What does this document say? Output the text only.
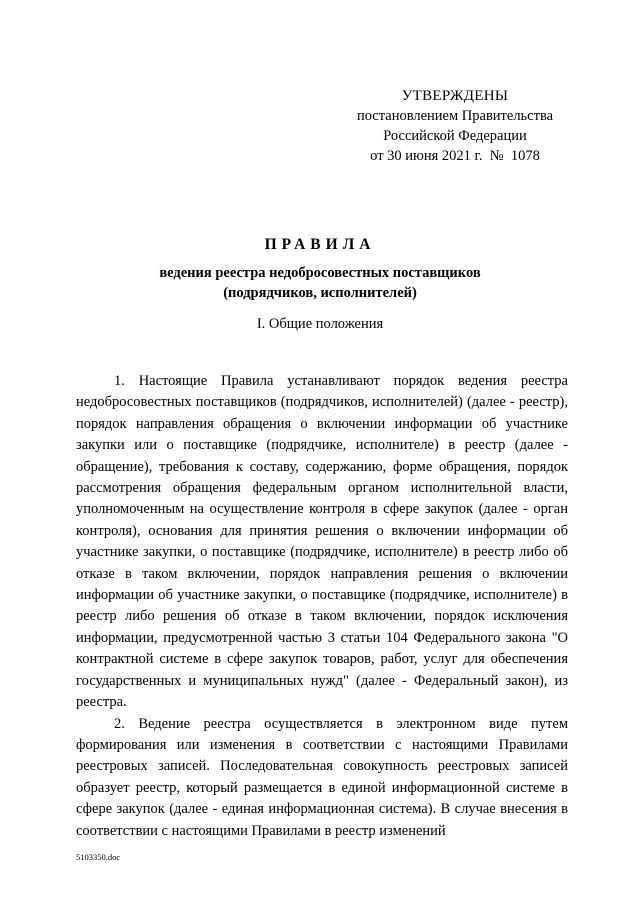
УТВЕРЖДЕНЫ
постановлением Правительства
Российской Федерации
от 30 июня 2021 г.  №  1078
ПРАВИЛА
ведения реестра недобросовестных поставщиков
(подрядчиков, исполнителей)
I. Общие положения

1. Настоящие Правила устанавливают порядок ведения реестра недобросовестных поставщиков (подрядчиков, исполнителей) (далее - реестр), порядок направления обращения о включении информации об участнике закупки или о поставщике (подрядчике, исполнителе) в реестр (далее - обращение), требования к составу, содержанию, форме обращения, порядок рассмотрения обращения федеральным органом исполнительной власти, уполномоченным на осуществление контроля в сфере закупок (далее - орган контроля), основания для принятия решения о включении информации об участнике закупки, о поставщике (подрядчике, исполнителе) в реестр либо об отказе в таком включении, порядок направления решения о включении информации об участнике закупки, о поставщике (подрядчике, исполнителе) в реестр либо решения об отказе в таком включении, порядок исключения информации, предусмотренной частью 3 статьи 104 Федерального закона "О контрактной системе в сфере закупок товаров, работ, услуг для обеспечения государственных и муниципальных нужд" (далее - Федеральный закон), из реестра.

2. Ведение реестра осуществляется в электронном виде путем формирования или изменения в соответствии с настоящими Правилами реестровых записей. Последовательная совокупность реестровых записей образует реестр, который размещается в единой информационной системе в сфере закупок (далее - единая информационная система). В случае внесения в соответствии с настоящими Правилами в реестр изменений

5103350.doc
